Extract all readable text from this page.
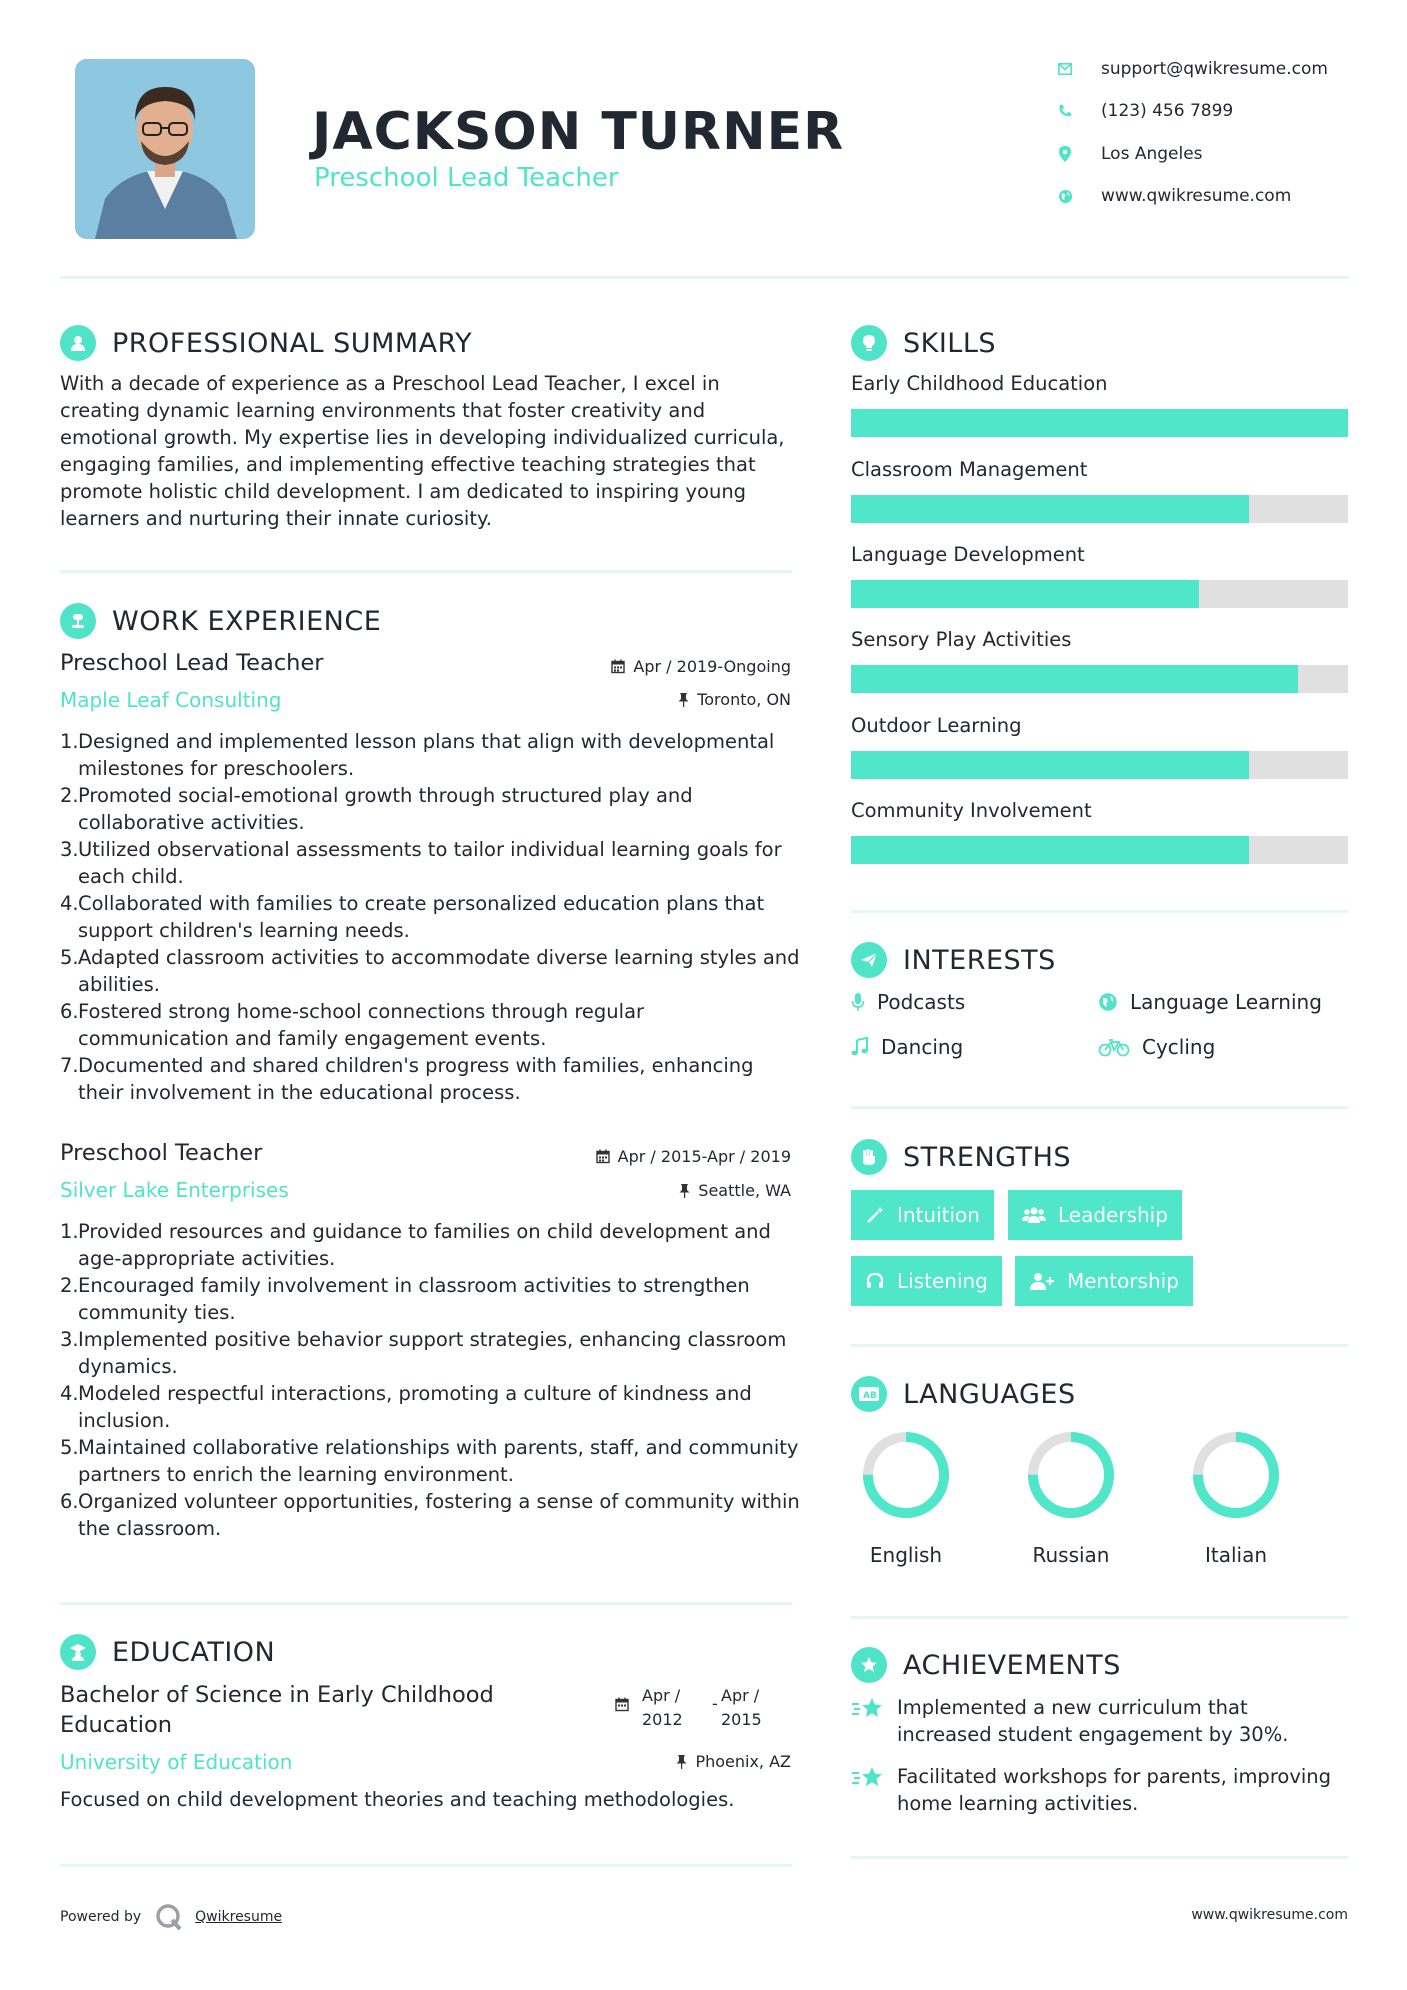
JACKSON TURNER
Preschool Lead Teacher
support@qwikresume.com
(123) 456 7899
Los Angeles
www.qwikresume.com
PROFESSIONAL SUMMARY
With a decade of experience as a Preschool Lead Teacher, I excel in creating dynamic learning environments that foster creativity and emotional growth. My expertise lies in developing individualized curricula, engaging families, and implementing effective teaching strategies that promote holistic child development. I am dedicated to inspiring young learners and nurturing their innate curiosity.
WORK EXPERIENCE
Preschool Lead Teacher	Apr / 2019-Ongoing
Maple Leaf Consulting	Toronto, ON
1. Designed and implemented lesson plans that align with developmental milestones for preschoolers.
2. Promoted social-emotional growth through structured play and collaborative activities.
3. Utilized observational assessments to tailor individual learning goals for each child.
4. Collaborated with families to create personalized education plans that support children's learning needs.
5. Adapted classroom activities to accommodate diverse learning styles and abilities.
6. Fostered strong home-school connections through regular communication and family engagement events.
7. Documented and shared children's progress with families, enhancing their involvement in the educational process.
Preschool Teacher	Apr / 2015-Apr / 2019
Silver Lake Enterprises	Seattle, WA
1. Provided resources and guidance to families on child development and age-appropriate activities.
2. Encouraged family involvement in classroom activities to strengthen community ties.
3. Implemented positive behavior support strategies, enhancing classroom dynamics.
4. Modeled respectful interactions, promoting a culture of kindness and inclusion.
5. Maintained collaborative relationships with parents, staff, and community partners to enrich the learning environment.
6. Organized volunteer opportunities, fostering a sense of community within the classroom.
EDUCATION
Bachelor of Science in Early Childhood Education
Apr /
2012
- Apr /
2015
University of Education	Phoenix, AZ
Focused on child development theories and teaching methodologies.
SKILLS
Early Childhood Education
Classroom Management
Language Development
Sensory Play Activities
Outdoor Learning
Community Involvement
INTERESTS
Podcasts	Language Learning
Dancing	Cycling
STRENGTHS
Intuition	Leadership
Listening	Mentorship
A B LANGUAGES
English	Russian	Italian
ACHIEVEMENTS
Implemented a new curriculum that increased student engagement by 30%.
Facilitated workshops for parents, improving home learning activities.
Powered by	Qwikresume	www.qwikresume.com
